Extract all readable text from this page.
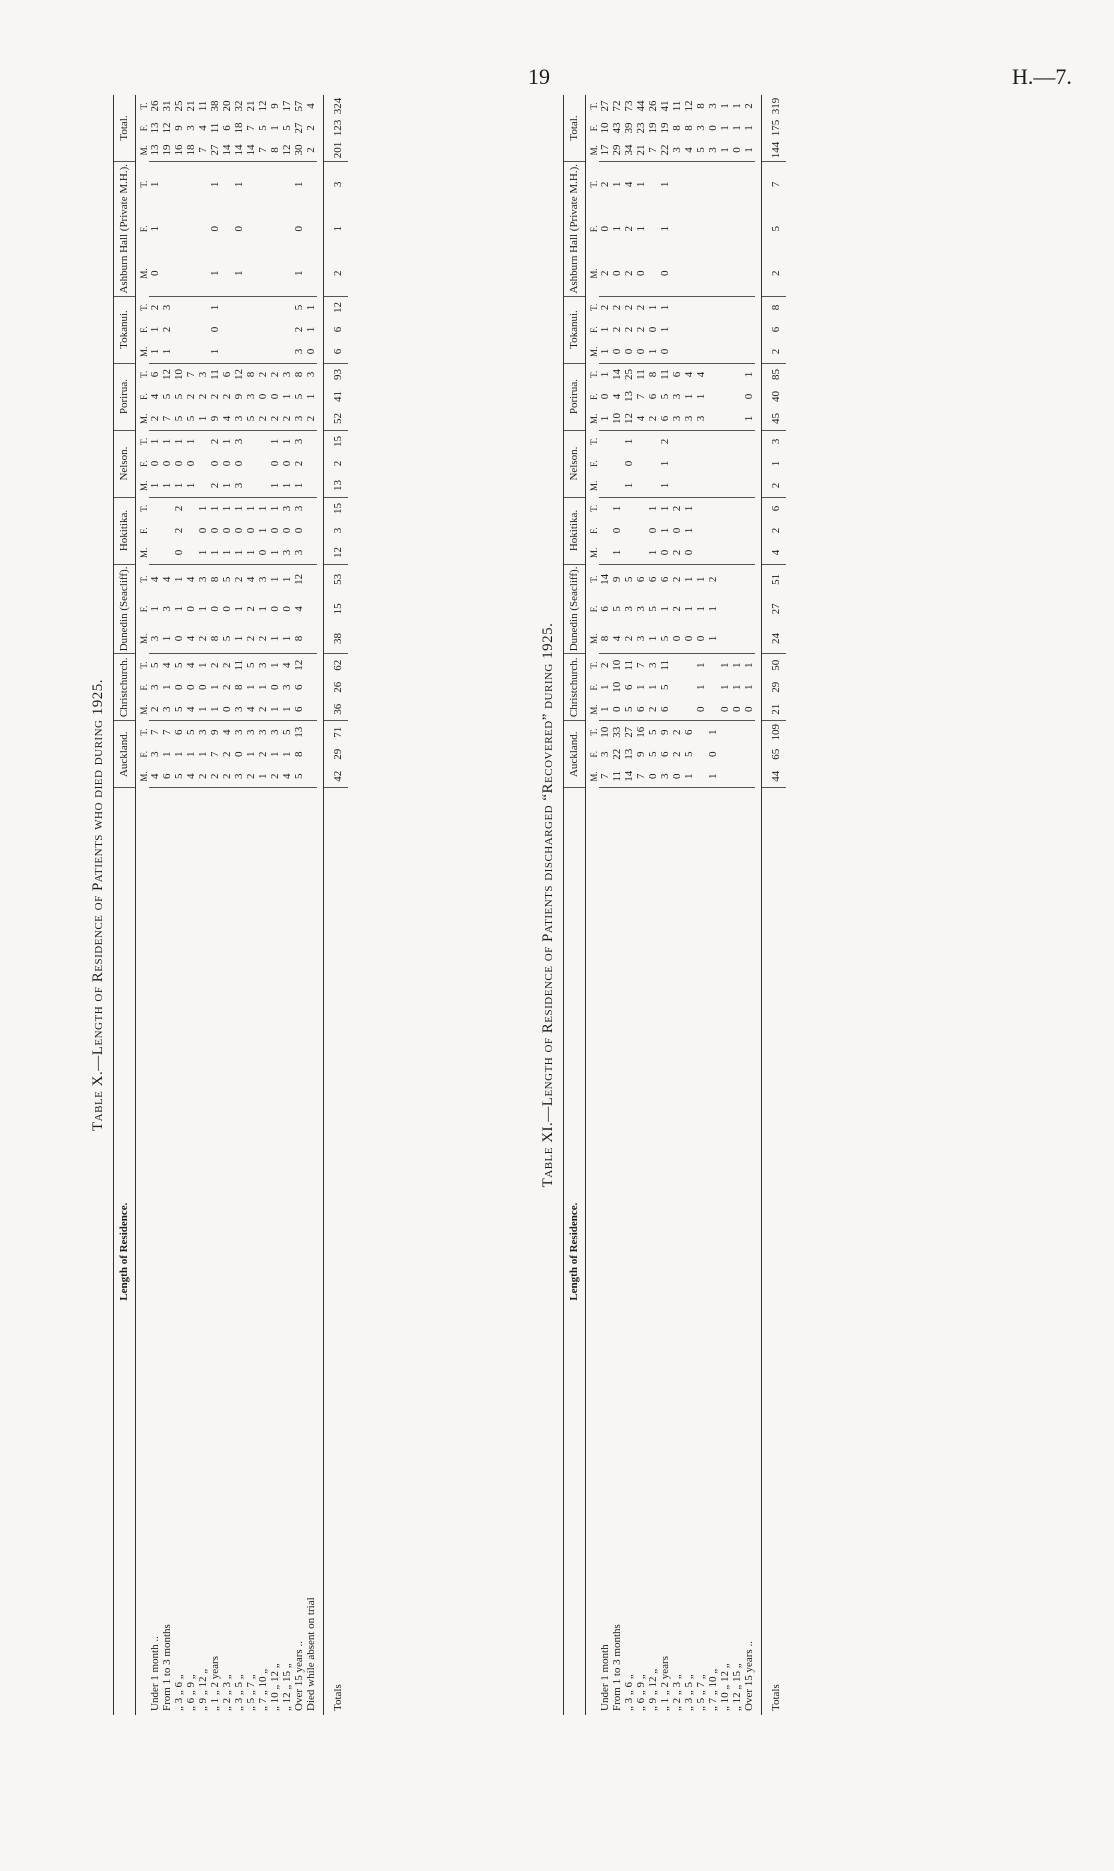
19	H.—7.
Table X.—Length of Residence of Patients who died during 1925.
Length of Residence.	Auckland.			Christchurch.			Dunedin (Seacliff).			Hokitika.			Nelson.			Porirua.			Tokanui.			Ashburn Hall (Private M.H.).			Total.		
	M.	F.	T.	M.	F.	T.	M.	F.	T.	M.	F.	T.	M.	F.	T.	M.	F.	T.	M.	F.	T.	M.	F.	T.	M.	F.	T.
Under 1 month ..	4	3	7	2	3	5	3	1	4				1	0	1	2	4	6	1	1	2	0	1	1	13	13	26
From 1 to 3 months	6	1	7	3	1	4	1	3	4				1	0	1	7	5	12	1	2	3				19	12	31
„ 3 „ 6 „	5	1	6	5	0	5	0	1	1	0	2	2	1	0	1	5	5	10							16	9	25
„ 6 „ 9 „	4	1	5	4	0	4	4	0	4				1	0	1	5	2	7							18	3	21
„ 9 „ 12 „	2	1	3	1	0	1	2	1	3	1	0	1				1	2	3							7	4	11
„ 1 „ 2 years	2	7	9	1	1	2	8	0	8	1	0	1	2	0	2	9	2	11	1	0	1	1	0	1	27	11	38
„ 2 „ 3 „	2	2	4	0	2	2	5	0	5	1	0	1	1	0	1	4	2	6							14	6	20
„ 3 „ 5 „	3	0	3	3	8	11	1	1	2	1	0	1	3	0	3	3	9	12				1	0	1	14	18	32
„ 5 „ 7 „	2	1	3	4	1	5	2	2	4	1	0	1				5	3	8							14	7	21
„ 7 „ 10 „	1	2	3	2	1	3	2	1	3	0	1	1				2	0	2							7	5	12
„ 10 „ 12 „	2	1	3	1	0	1	1	0	1	1	0	1	1	0	1	2	0	2							8	1	9
„ 12 „ 15 „	4	1	5	1	3	4	1	0	1	3	0	3	1	0	1	2	1	3							12	5	17
Over 15 years ..	5	8	13	6	6	12	8	4	12	3	0	3	1	2	3	3	5	8	3	2	5	1	0	1	30	27	57
Died while absent on trial																2	1	3	0	1	1				2	2	4

Totals	42	29	71	36	26	62	38	15	53	12	3	15	13	2	15	52	41	93	6	6	12	2	1	3	201	123	324
Table XI.—Length of Residence of Patients discharged “Recovered” during 1925.
Length of Residence.	Auckland.			Christchurch.			Dunedin (Seacliff).			Hokitika.			Nelson.			Porirua.			Tokanui.			Ashburn Hall (Private M.H.).			Total.		
	M.	F.	T.	M.	F.	T.	M.	F.	T.	M.	F.	T.	M.	F.	T.	M.	F.	T.	M.	F.	T.	M.	F.	T.	M.	F.	T.
Under 1 month	7	3	10	1	1	2	8	6	14							1	0	1	1	1	2	2	0	2	17	10	27
From 1 to 3 months	11	22	33	0	10	10	4	5	9	1	0	1				10	4	14	0	2	2	0	1	1	29	43	72
„ 3 „ 6 „	14	13	27	5	6	11	2	3	5				1	0	1	12	13	25	0	2	2	2	2	4	34	39	73
„ 6 „ 9 „	7	9	16	6	1	7	3	3	6							4	7	11	0	2	2	0	1	1	21	23	44
„ 9 „ 12 „	0	5	5	2	1	3	1	5	6	1	0	1				2	6	8	1	0	1				7	19	26
„ 1 „ 2 years	3	6	9	6	5	11	5	1	6	0	1	1	1	1	2	6	5	11	0	1	1	0	1	1	22	19	41
„ 2 „ 3 „	0	2	2				0	2	2	2	0	2				3	3	6							3	8	11
„ 3 „ 5 „	1	5	6				0	1	1	0	1	1				3	1	4							4	8	12
„ 5 „ 7 „				0	1	1	0	1	1							3	1	4							5	3	8
„ 7 „ 10 „	1	0	1				1	1	2																3	0	3
„ 10 „ 12 „				0	1	1																			1	1	1
„ 12 „ 15 „				0	1	1																			0	1	1
Over 15 years ..				0	1	1										1	0	1							1	1	2

Totals	44	65	109	21	29	50	24	27	51	4	2	6	2	1	3	45	40	85	2	6	8	2	5	7	144	175	319
